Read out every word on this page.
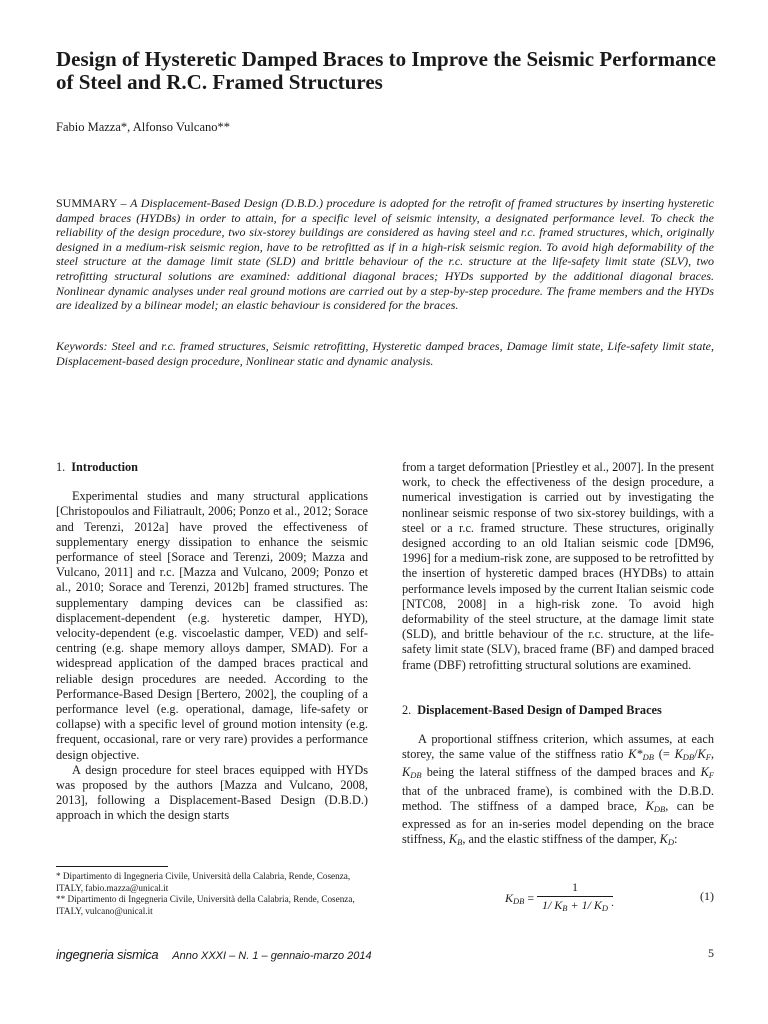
Design of Hysteretic Damped Braces to Improve the Seismic Performance of Steel and R.C. Framed Structures
Fabio Mazza*, Alfonso Vulcano**

SUMMARY – A Displacement-Based Design (D.B.D.) procedure is adopted for the retrofit of framed structures by inserting hysteretic damped braces (HYDBs) in order to attain, for a specific level of seismic intensity, a designated performance level. To check the reliability of the design procedure, two six-storey buildings are considered as having steel and r.c. framed structures, which, originally designed in a medium-risk seismic region, have to be retrofitted as if in a high-risk seismic region. To avoid high deformability of the steel structure at the damage limit state (SLD) and brittle behaviour of the r.c. structure at the life-safety limit state (SLV), two retrofitting structural solutions are examined: additional diagonal braces; HYDs supported by the additional diagonal braces. Nonlinear dynamic analyses under real ground motions are carried out by a step-by-step procedure. The frame members and the HYDs are idealized by a bilinear model; an elastic behaviour is considered for the braces.

Keywords: Steel and r.c. framed structures, Seismic retrofitting, Hysteretic damped braces, Damage limit state, Life-safety limit state, Displacement-based design procedure, Nonlinear static and dynamic analysis.

1. Introduction

Experimental studies and many structural applications [Christopoulos and Filiatrault, 2006; Ponzo et al., 2012; Sorace and Terenzi, 2012a] have proved the effectiveness of supplementary energy dissipation to enhance the seismic performance of steel [Sorace and Terenzi, 2009; Mazza and Vulcano, 2011] and r.c. [Mazza and Vulcano, 2009; Ponzo et al., 2010; Sorace and Terenzi, 2012b] framed structures. The supplementary damping devices can be classified as: displacement-dependent (e.g. hysteretic damper, HYD), velocity-dependent (e.g. viscoelastic damper, VED) and self-centring (e.g. shape memory alloys damper, SMAD). For a widespread application of the damped braces practical and reliable design procedures are needed. According to the Performance-Based Design [Bertero, 2002], the coupling of a performance level (e.g. operational, damage, life-safety or collapse) with a specific level of ground motion intensity (e.g. frequent, occasional, rare or very rare) provides a performance design objective.

A design procedure for steel braces equipped with HYDs was proposed by the authors [Mazza and Vulcano, 2008, 2013], following a Displacement-Based Design (D.B.D.) approach in which the design starts

* Dipartimento di Ingegneria Civile, Università della Calabria, Rende, Cosenza, ITALY, fabio.mazza@unical.it
** Dipartimento di Ingegneria Civile, Università della Calabria, Rende, Cosenza, ITALY, vulcano@unical.it

from a target deformation [Priestley et al., 2007]. In the present work, to check the effectiveness of the design procedure, a numerical investigation is carried out by investigating the nonlinear seismic response of two six-storey buildings, with a steel or a r.c. framed structure. These structures, originally designed according to an old Italian seismic code [DM96, 1996] for a medium-risk zone, are supposed to be retrofitted by the insertion of hysteretic damped braces (HYDBs) to attain performance levels imposed by the current Italian seismic code [NTC08, 2008] in a high-risk zone. To avoid high deformability of the steel structure, at the damage limit state (SLD), and brittle behaviour of the r.c. structure, at the life-safety limit state (SLV), braced frame (BF) and damped braced frame (DBF) retrofitting structural solutions are examined.

2. Displacement-Based Design of Damped Braces

A proportional stiffness criterion, which assumes, at each storey, the same value of the stiffness ratio $K*_{DB}$ (= $K_{DB}/K_F$, $K_{DB}$ being the lateral stiffness of the damped braces and $K_F$ that of the unbraced frame), is combined with the D.B.D. method. The stiffness of a damped brace, $K_{DB}$, can be expressed as for an in-series model depending on the brace stiffness, $K_B$, and the elastic stiffness of the damper, $K_D$:

$K_{DB}$ =
1
1/ $K_B + 1/$ $K_D$ .	(1)
ingegneria sismica Anno XXXI – N. 1 – gennaio-marzo 2014	5
